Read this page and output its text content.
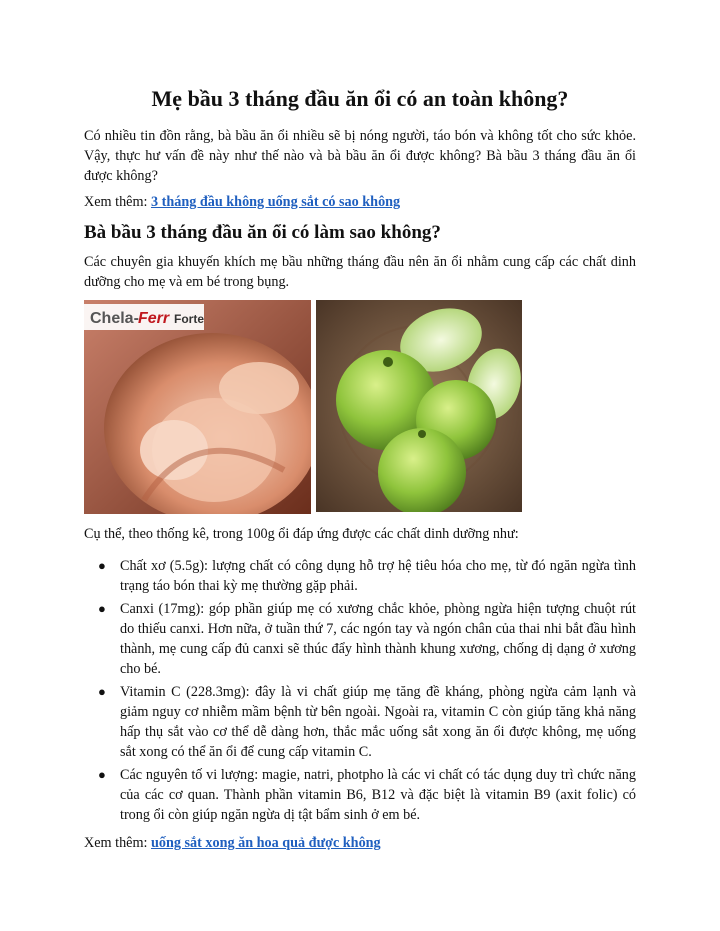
Mẹ bầu 3 tháng đầu ăn ổi có an toàn không?

Có nhiều tin đồn rằng, bà bầu ăn ổi nhiều sẽ bị nóng người, táo bón và không tốt cho sức khỏe. Vậy, thực hư vấn đề này như thế nào và bà bầu ăn ổi được không? Bà bầu 3 tháng đầu ăn ổi được không?

Xem thêm: 3 tháng đầu không uống sắt có sao không

Bà bầu 3 tháng đầu ăn ổi có làm sao không?

Các chuyên gia khuyến khích mẹ bầu những tháng đầu nên ăn ổi nhằm cung cấp các chất dinh dưỡng cho mẹ và em bé trong bụng.

Chela- Ferr Forte

Cụ thể, theo thống kê, trong 100g ổi đáp ứng được các chất dinh dưỡng như:

● Chất xơ (5.5g): lượng chất có công dụng hỗ trợ hệ tiêu hóa cho mẹ, từ đó ngăn ngừa tình trạng táo bón thai kỳ mẹ thường gặp phải.
● Canxi (17mg): góp phần giúp mẹ có xương chắc khỏe, phòng ngừa hiện tượng chuột rút do thiếu canxi. Hơn nữa, ở tuần thứ 7, các ngón tay và ngón chân của thai nhi bắt đầu hình thành, mẹ cung cấp đủ canxi sẽ thúc đẩy hình thành khung xương, chống dị dạng ở xương cho bé.
● Vitamin C (228.3mg): đây là vi chất giúp mẹ tăng đề kháng, phòng ngừa cảm lạnh và giảm nguy cơ nhiễm mầm bệnh từ bên ngoài. Ngoài ra, vitamin C còn giúp tăng khả năng hấp thụ sắt vào cơ thể dễ dàng hơn, thắc mắc uống sắt xong ăn ổi được không, mẹ uống sắt xong có thể ăn ổi để cung cấp vitamin C.
● Các nguyên tố vi lượng: magie, natri, photpho là các vi chất có tác dụng duy trì chức năng của các cơ quan. Thành phần vitamin B6, B12 và đặc biệt là vitamin B9 (axit folic) có trong ổi còn giúp ngăn ngừa dị tật bẩm sinh ở em bé.

Xem thêm: uống sắt xong ăn hoa quả được không
